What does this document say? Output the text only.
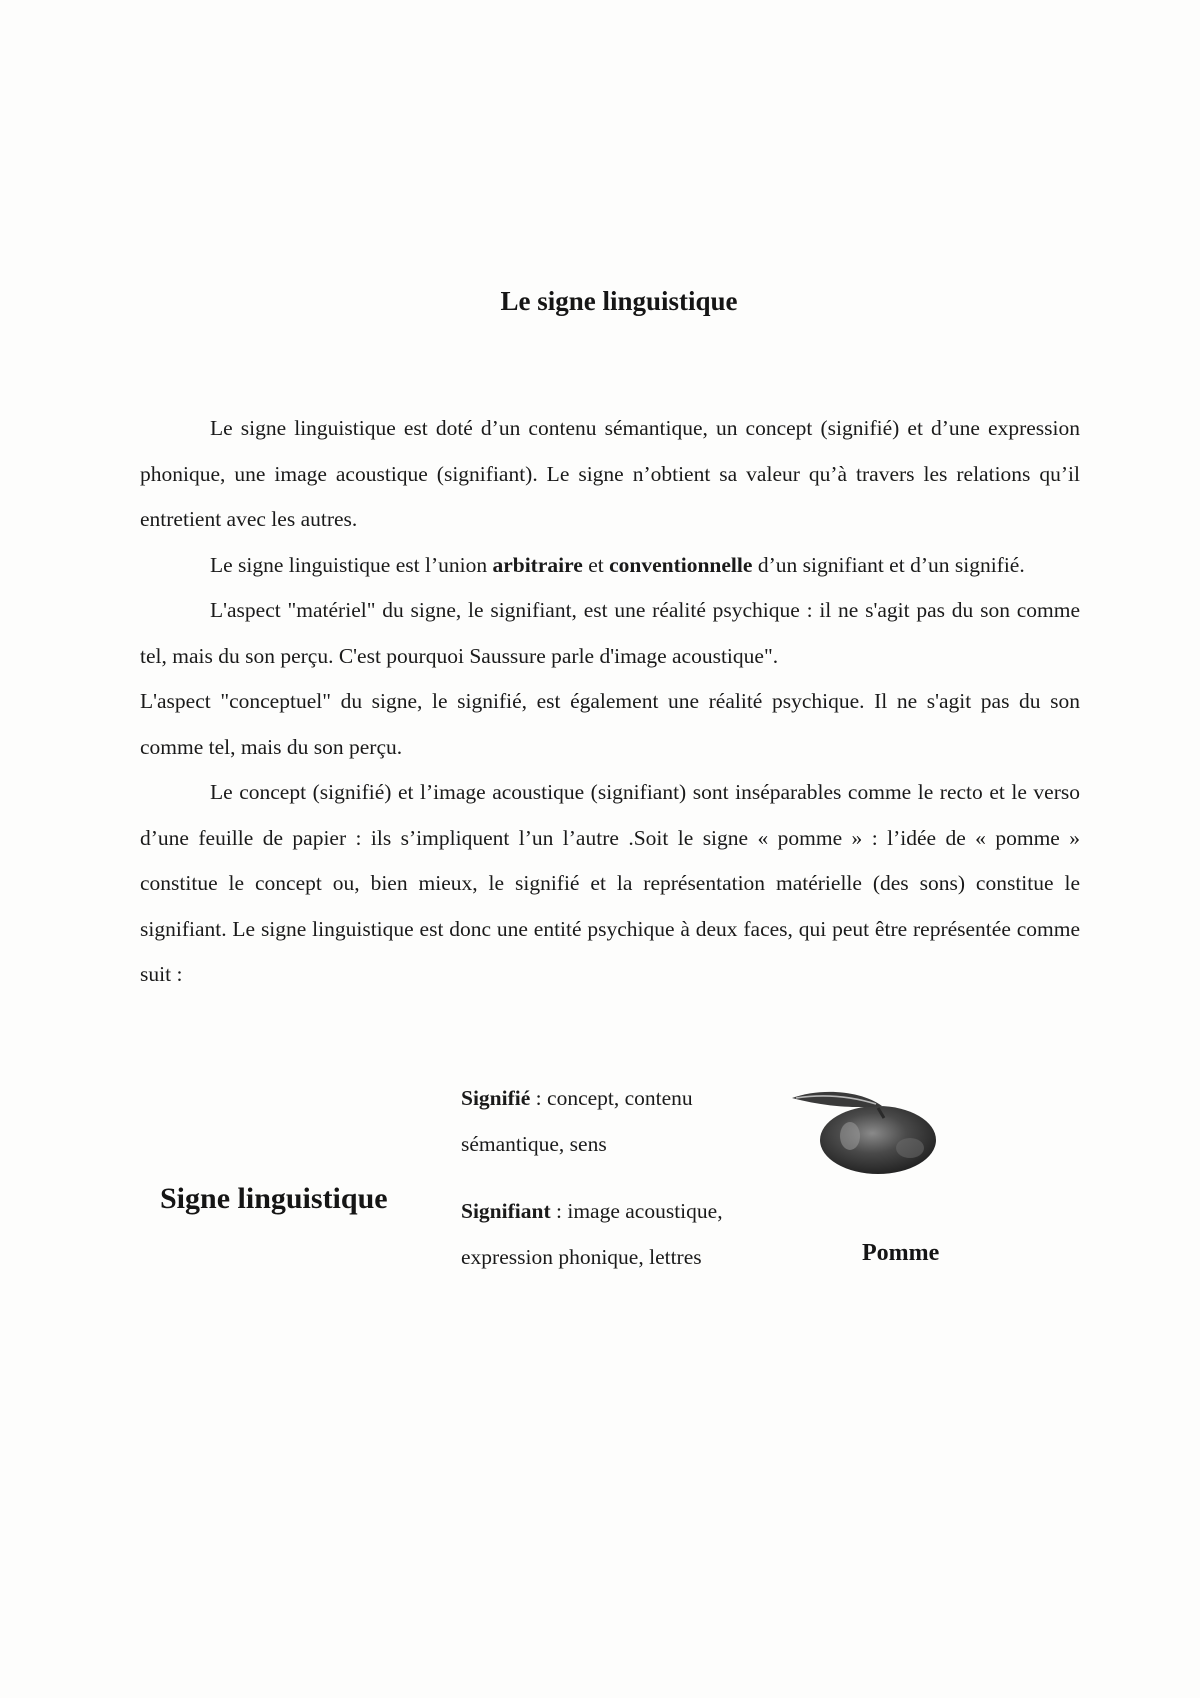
Le signe linguistique

Le signe linguistique est doté d’un contenu sémantique, un concept (signifié) et d’une expression phonique, une image acoustique (signifiant). Le signe n’obtient sa valeur qu’à travers les relations qu’il entretient avec les autres.

Le signe linguistique est l’union arbitraire et conventionnelle d’un signifiant et d’un signifié.

L'aspect "matériel" du signe, le signifiant, est une réalité psychique : il ne s'agit pas du son comme tel, mais du son perçu. C'est pourquoi Saussure parle d'image acoustique".

L'aspect "conceptuel" du signe, le signifié, est également une réalité psychique. Il ne s'agit pas du son comme tel, mais du son perçu.

Le concept (signifié) et l’image acoustique (signifiant) sont inséparables comme le recto et le verso d’une feuille de papier : ils s’impliquent l’un l’autre .Soit le signe « pomme » : l’idée de « pomme » constitue le concept ou, bien mieux, le signifié et la représentation matérielle (des sons) constitue le signifiant. Le signe linguistique est donc une entité psychique à deux faces, qui peut être représentée comme suit :

Signe linguistique
Signifié : concept, contenu sémantique, sens
Signifiant : image acoustique, expression phonique, lettres	Pomme
